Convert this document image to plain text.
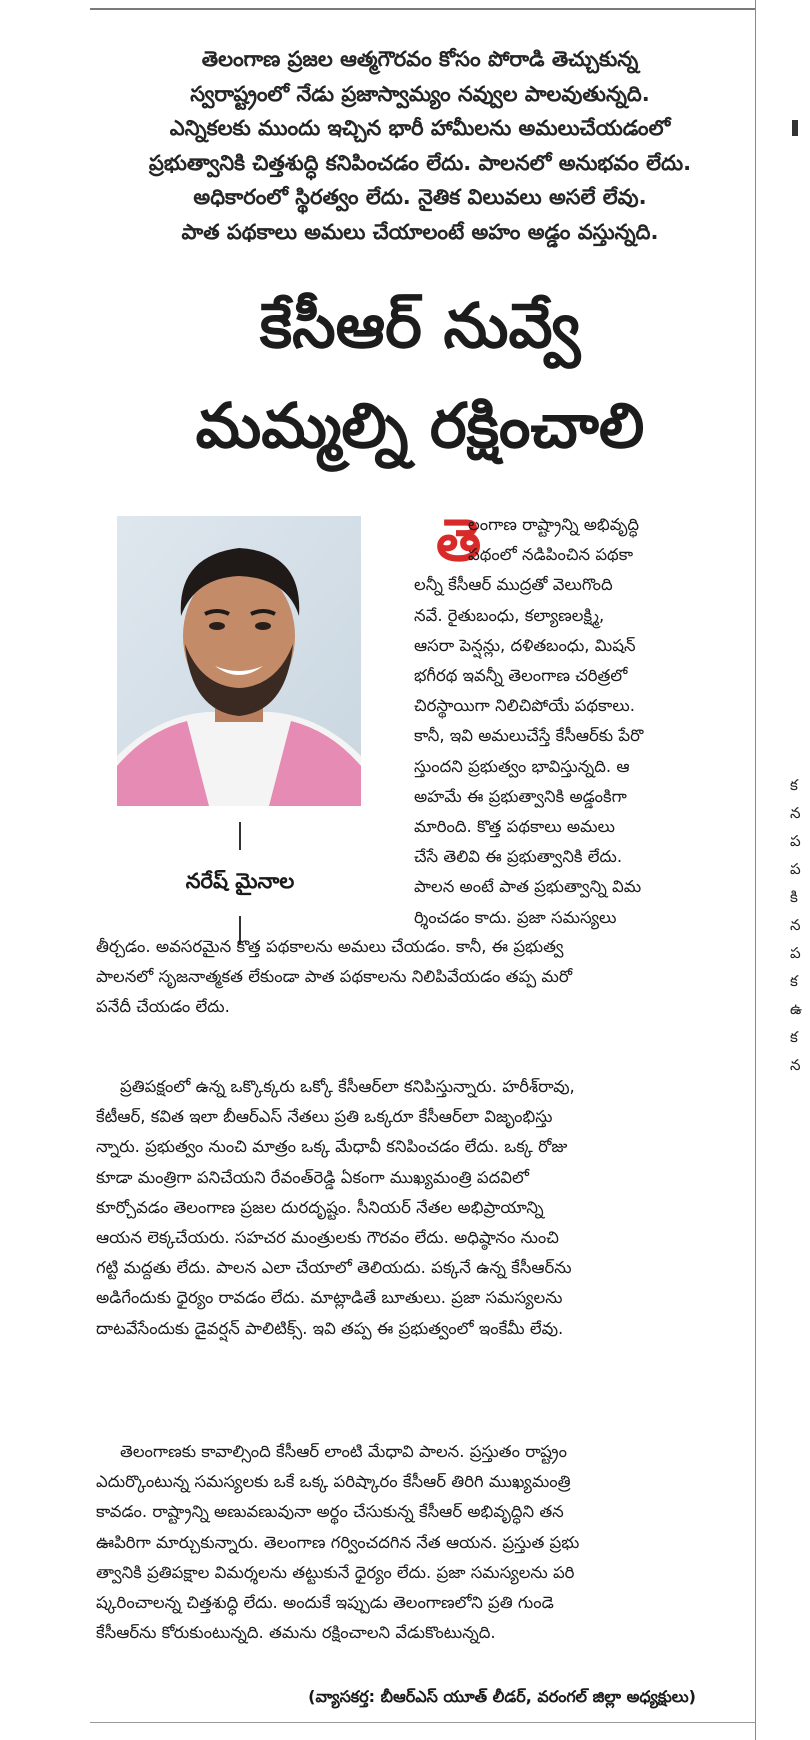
క
న
ప
ప
కి
న
ప
క
ఉ
క
న

తెలంగాణ ప్రజల ఆత్మగౌరవం కోసం పోరాడి తెచ్చుకున్న

స్వరాష్ట్రంలో నేడు ప్రజాస్వామ్యం నవ్వుల పాలవుతున్నది.

ఎన్నికలకు ముందు ఇచ్చిన భారీ హామీలను అమలుచేయడంలో

ప్రభుత్వానికి చిత్తశుద్ధి కనిపించడం లేదు. పాలనలో అనుభవం లేదు.

అధికారంలో స్థిరత్వం లేదు. నైతిక విలువలు అసలే లేవు.

పాత పథకాలు అమలు చేయాలంటే అహం అడ్డం వస్తున్నది.

కేసీఆర్ నువ్వే
మమ్మల్ని రక్షించాలి
నరేష్ మైనాల
తె
లంగాణ రాష్ట్రాన్ని అభివృద్ధి
పథంలో నడిపించిన పథకా
లన్నీ కేసీఆర్ ముద్రతో వెలుగొంది
నవే. రైతుబంధు, కల్యాణలక్ష్మి,
ఆసరా పెన్షన్లు, దళితబంధు, మిషన్
భగీరథ ఇవన్నీ తెలంగాణ చరిత్రలో
చిరస్థాయిగా నిలిచిపోయే పథకాలు.
కానీ, ఇవి అమలుచేస్తే కేసీఆర్‌కు పేరొ
స్తుందని ప్రభుత్వం భావిస్తున్నది. ఆ
అహమే ఈ ప్రభుత్వానికి అడ్డంకిగా
మారింది. కొత్త పథకాలు అమలు
చేసే తెలివి ఈ ప్రభుత్వానికి లేదు.
పాలన అంటే పాత ప్రభుత్వాన్ని విమ
ర్శించడం కాదు. ప్రజా సమస్యలు
తీర్చడం. అవసరమైన కొత్త పథకాలను అమలు చేయడం. కానీ, ఈ ప్రభుత్వ
పాలనలో సృజనాత్మకత లేకుండా పాత పథకాలను నిలిపివేయడం తప్ప మరో
పనేదీ చేయడం లేదు.
ప్రతిపక్షంలో ఉన్న ఒక్కొక్కరు ఒక్కో కేసీఆర్‌లా కనిపిస్తున్నారు. హరీశ్‌రావు,
కేటీఆర్, కవిత ఇలా బీఆర్‌ఎస్ నేతలు ప్రతి ఒక్కరూ కేసీఆర్‌లా విజృంభిస్తు
న్నారు. ప్రభుత్వం నుంచి మాత్రం ఒక్క మేధావీ కనిపించడం లేదు. ఒక్క రోజు
కూడా మంత్రిగా పనిచేయని రేవంత్‌రెడ్డి ఏకంగా ముఖ్యమంత్రి పదవిలో
కూర్చోవడం తెలంగాణ ప్రజల దురదృష్టం. సీనియర్ నేతల అభిప్రాయాన్ని
ఆయన లెక్కచేయరు. సహచర మంత్రులకు గౌరవం లేదు. అధిష్ఠానం నుంచి
గట్టి మద్దతు లేదు. పాలన ఎలా చేయాలో తెలియదు. పక్కనే ఉన్న కేసీఆర్‌ను
అడిగేందుకు ధైర్యం రావడం లేదు. మాట్లాడితే బూతులు. ప్రజా సమస్యలను
దాటవేసేందుకు డైవర్షన్ పాలిటిక్స్. ఇవి తప్ప ఈ ప్రభుత్వంలో ఇంకేమీ లేవు.
తెలంగాణకు కావాల్సింది కేసీఆర్ లాంటి మేధావి పాలన. ప్రస్తుతం రాష్ట్రం
ఎదుర్కొంటున్న సమస్యలకు ఒకే ఒక్క పరిష్కారం కేసీఆర్ తిరిగి ముఖ్యమంత్రి
కావడం. రాష్ట్రాన్ని అణువణువునా అర్థం చేసుకున్న కేసీఆర్ అభివృద్ధిని తన
ఊపిరిగా మార్చుకున్నారు. తెలంగాణ గర్వించదగిన నేత ఆయన. ప్రస్తుత ప్రభు
త్వానికి ప్రతిపక్షాల విమర్శలను తట్టుకునే ధైర్యం లేదు. ప్రజా సమస్యలను పరి
ష్కరించాలన్న చిత్తశుద్ధి లేదు. అందుకే ఇప్పుడు తెలంగాణలోని ప్రతి గుండె
కేసీఆర్‌ను కోరుకుంటున్నది. తమను రక్షించాలని వేడుకొంటున్నది.
(వ్యాసకర్త: బీఆర్‌ఎస్ యూత్ లీడర్, వరంగల్ జిల్లా అధ్యక్షులు)
